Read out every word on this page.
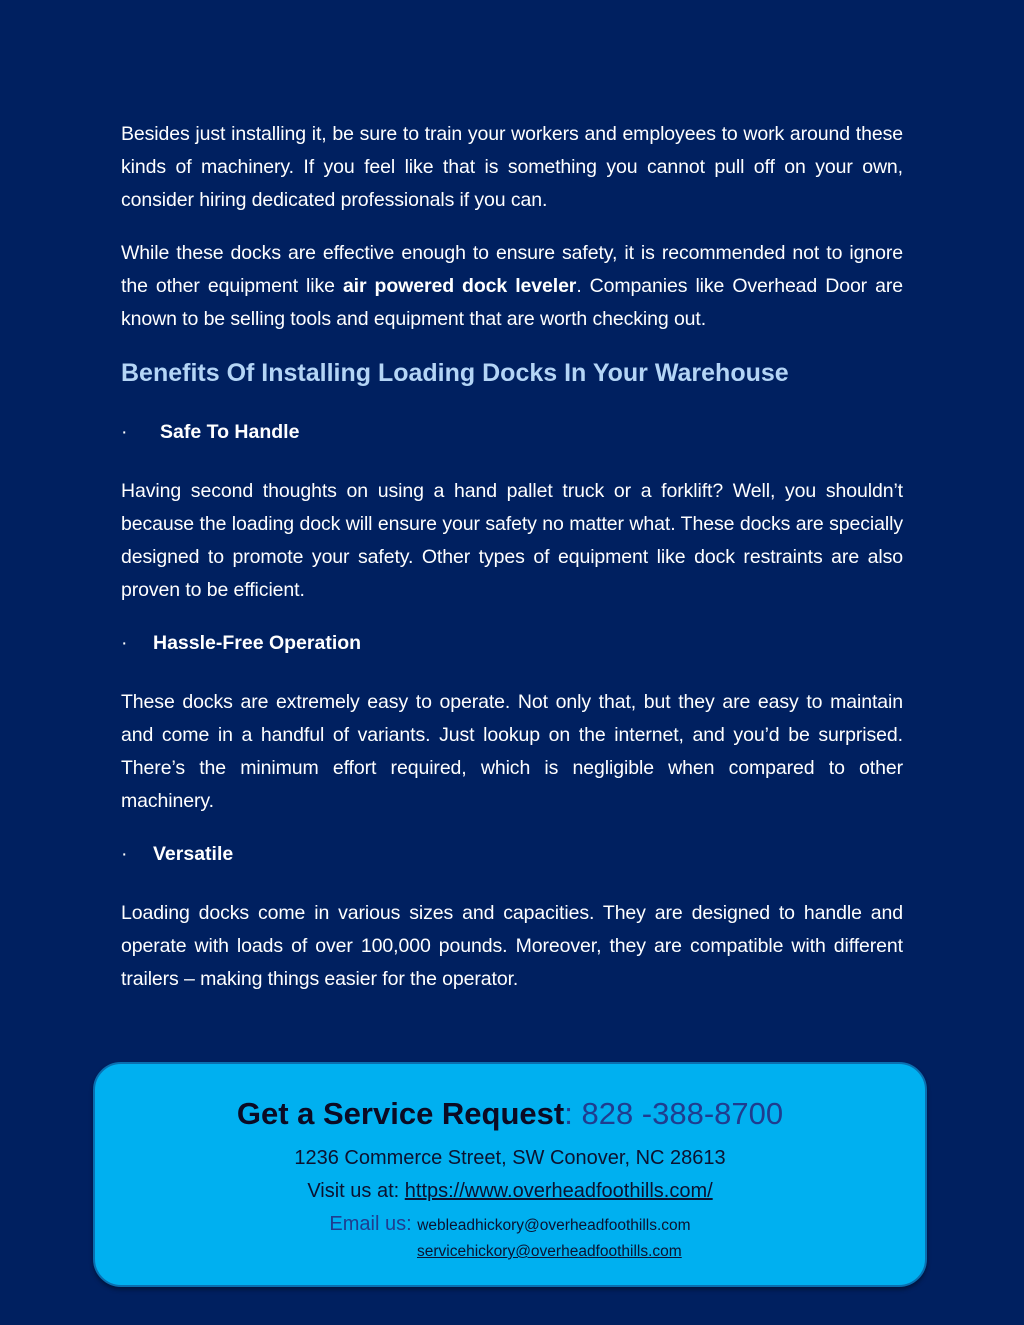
Besides just installing it, be sure to train your workers and employees to work around these kinds of machinery. If you feel like that is something you cannot pull off on your own, consider hiring dedicated professionals if you can.

While these docks are effective enough to ensure safety, it is recommended not to ignore the other equipment like air powered dock leveler. Companies like Overhead Door are known to be selling tools and equipment that are worth checking out.

Benefits Of Installing Loading Docks In Your Warehouse
·	Safe To Handle

Having second thoughts on using a hand pallet truck or a forklift? Well, you shouldn’t because the loading dock will ensure your safety no matter what. These docks are specially designed to promote your safety. Other types of equipment like dock restraints are also proven to be efficient.

·	Hassle-Free Operation

These docks are extremely easy to operate. Not only that, but they are easy to maintain and come in a handful of variants. Just lookup on the internet, and you’d be surprised. There’s the minimum effort required, which is negligible when compared to other machinery.

·	Versatile

Loading docks come in various sizes and capacities. They are designed to handle and operate with loads of over 100,000 pounds. Moreover, they are compatible with different trailers – making things easier for the operator.

Get a Service Request: 828 -388-8700
1236 Commerce Street, SW Conover, NC 28613
Visit us at: https://www.overheadfoothills.com/
Email us: webleadhickory@overheadfoothills.com
servicehickory@overheadfoothills.com
